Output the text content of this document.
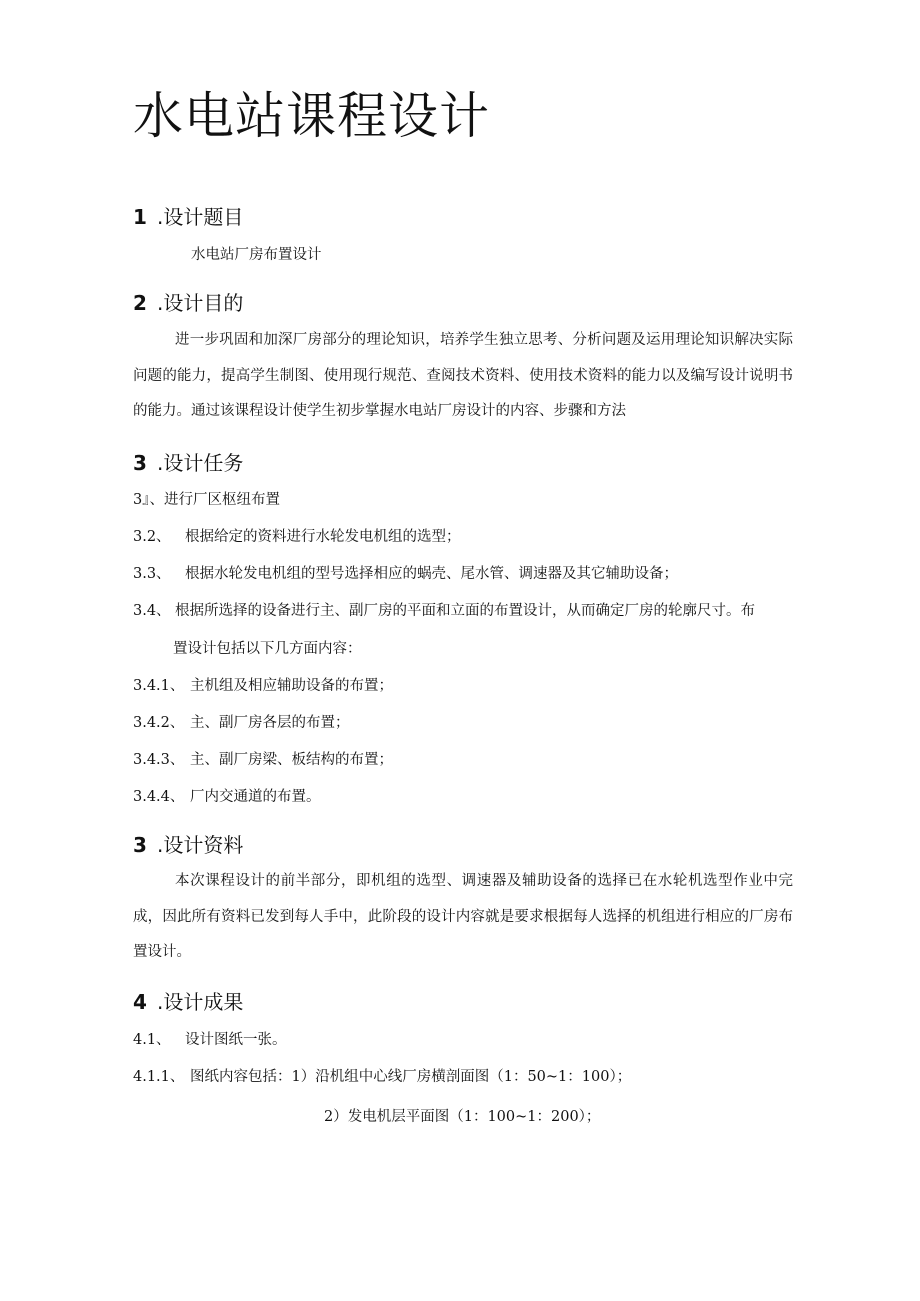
水电站课程设计
1 .设计题目
水电站厂房布置设计
2 .设计目的
进一步巩固和加深厂房部分的理论知识，培养学生独立思考、分析问题及运用理论知识解决实际问题的能力，提高学生制图、使用现行规范、查阅技术资料、使用技术资料的能力以及编写设计说明书的能力。通过该课程设计使学生初步掌握水电站厂房设计的内容、步骤和方法
3 .设计任务
3』、进行厂区枢纽布置
3.2、 根据给定的资料进行水轮发电机组的选型；
3.3、 根据水轮发电机组的型号选择相应的蜗壳、尾水管、调速器及其它辅助设备；
3.4、 根据所选择的设备进行主、副厂房的平面和立面的布置设计，从而确定厂房的轮廓尺寸。布
置设计包括以下几方面内容：
3.4.1、 主机组及相应辅助设备的布置；
3.4.2、 主、副厂房各层的布置；
3.4.3、 主、副厂房梁、板结构的布置；
3.4.4、 厂内交通道的布置。
3 .设计资料
本次课程设计的前半部分，即机组的选型、调速器及辅助设备的选择已在水轮机选型作业中完成，因此所有资料已发到每人手中，此阶段的设计内容就是要求根据每人选择的机组进行相应的厂房布置设计。
4 .设计成果
4.1、 设计图纸一张。
4.1.1、 图纸内容包括：1）沿机组中心线厂房横剖面图（1：50~1：100）；
2）发电机层平面图（1：100~1：200）；
